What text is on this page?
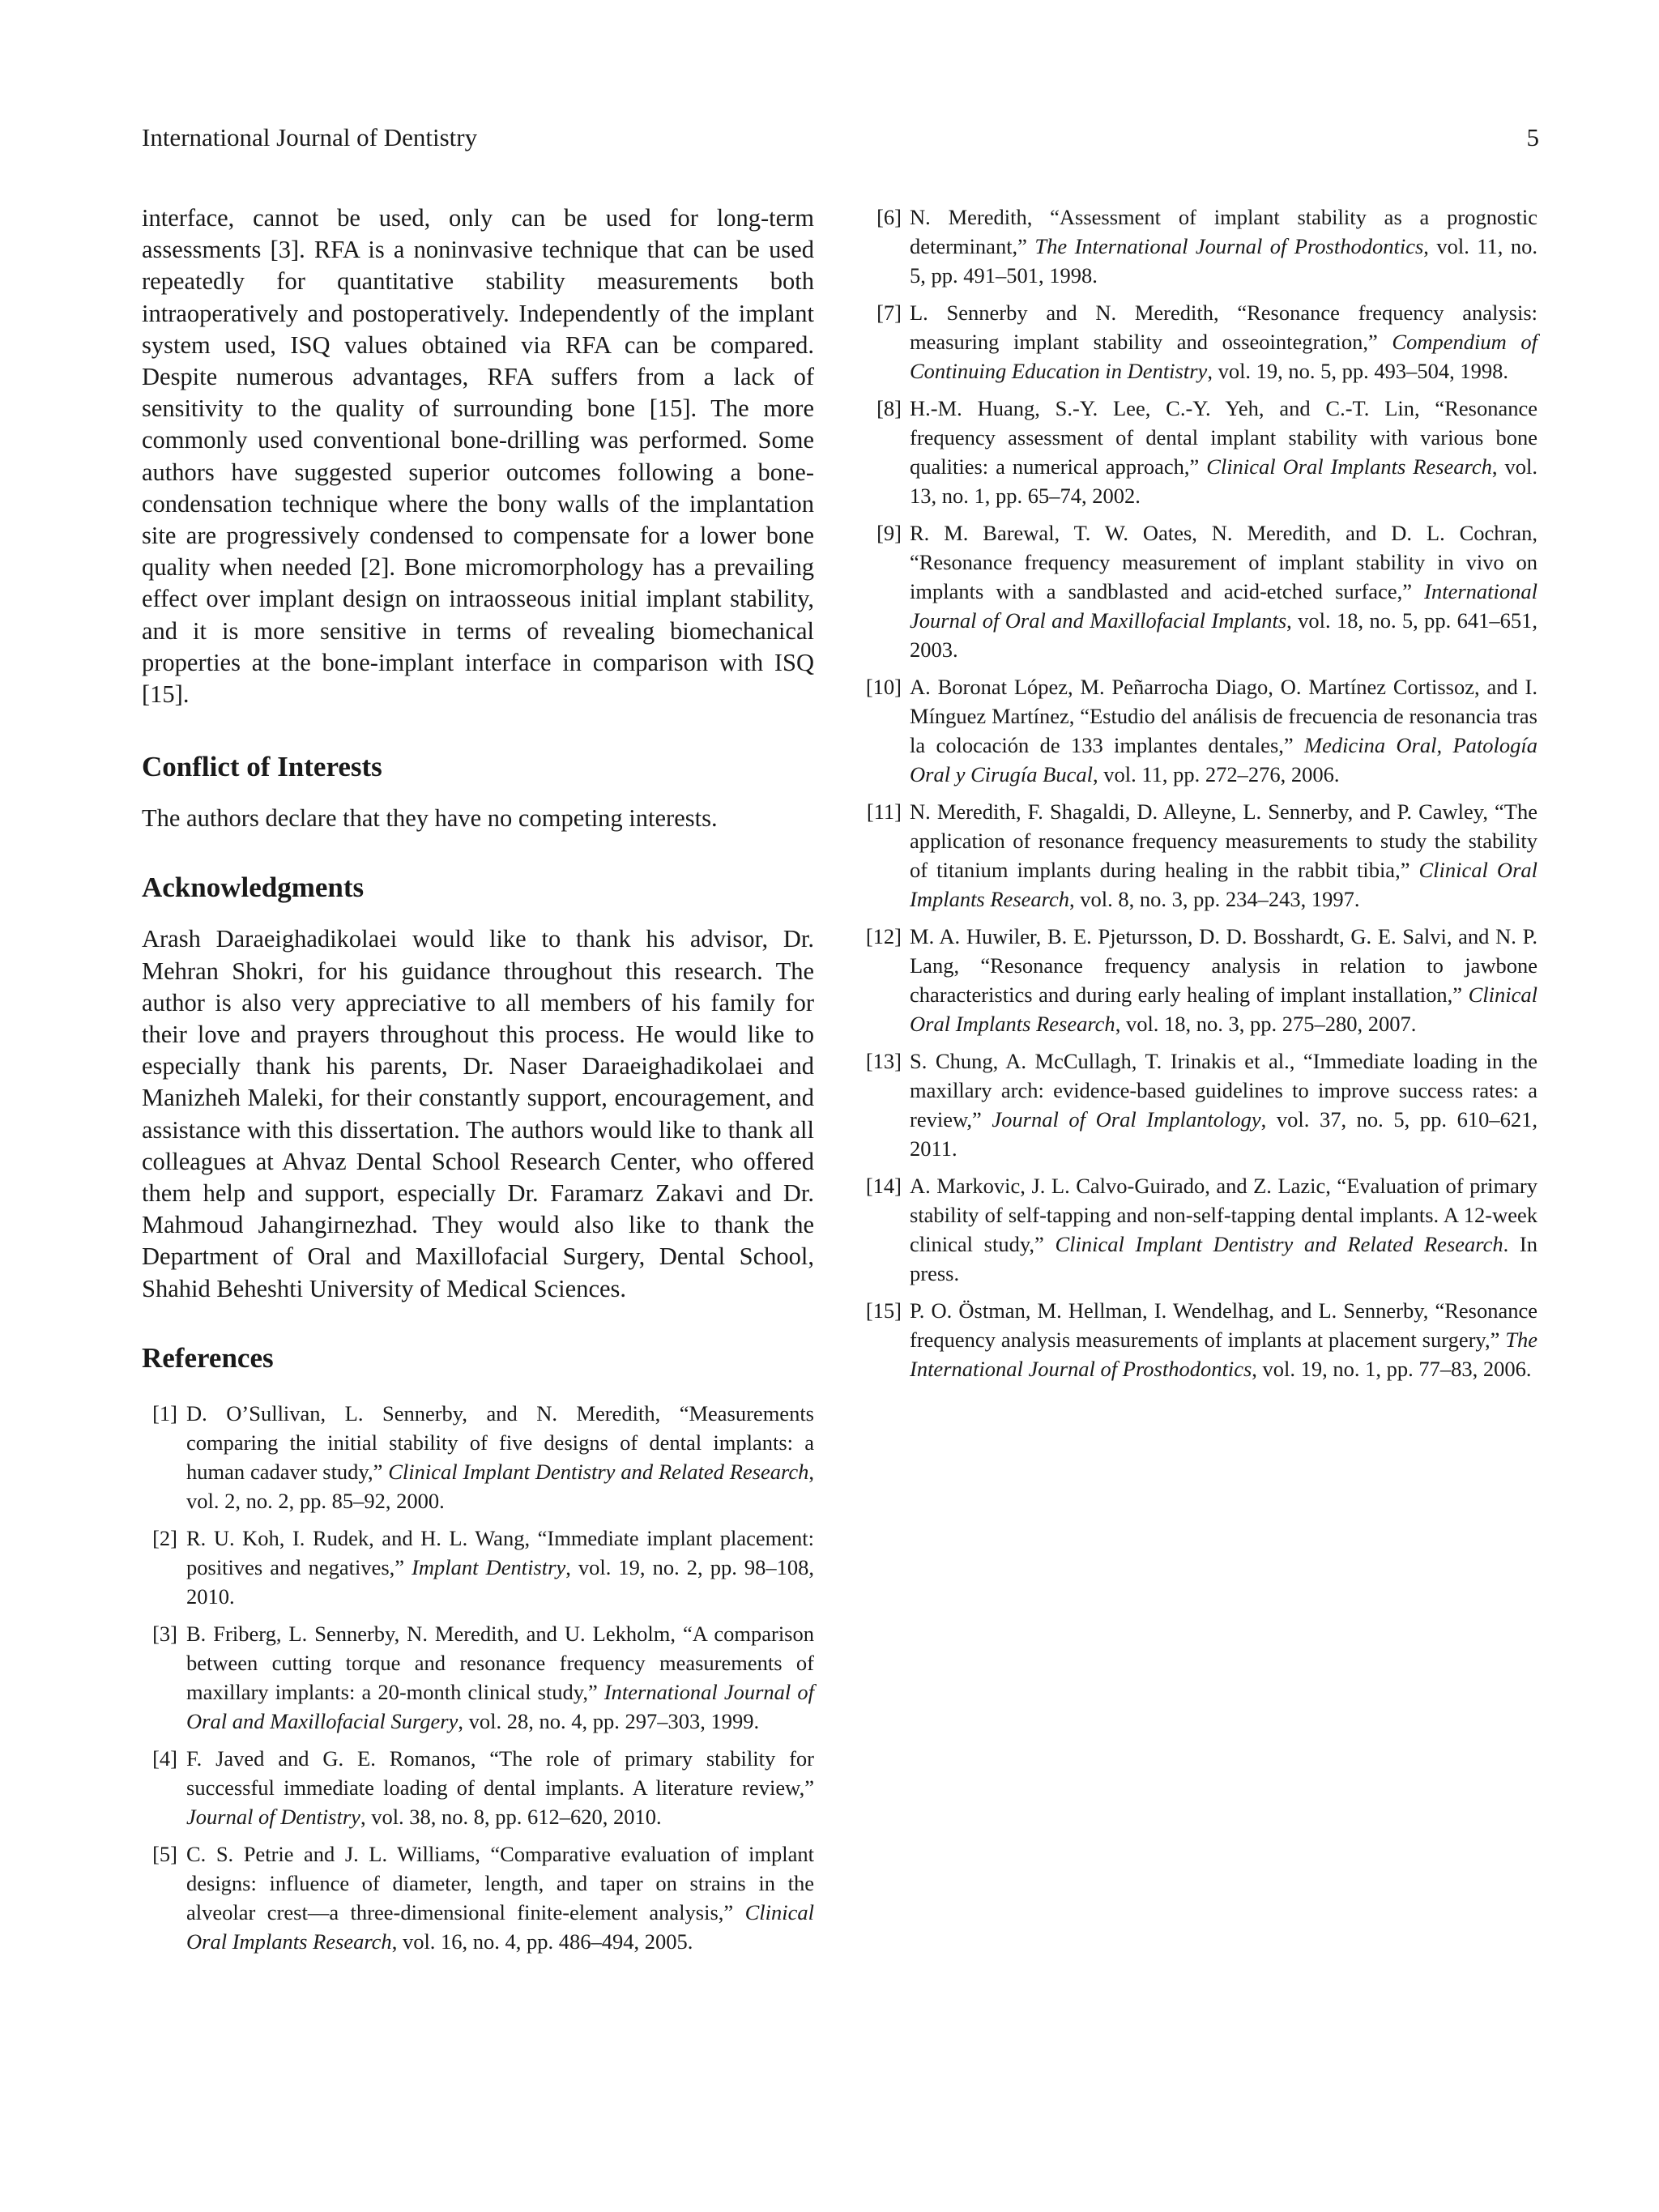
International Journal of Dentistry	5

interface, cannot be used, only can be used for long-term assessments [3]. RFA is a noninvasive technique that can be used repeatedly for quantitative stability measurements both intraoperatively and postoperatively. Independently of the implant system used, ISQ values obtained via RFA can be compared. Despite numerous advantages, RFA suffers from a lack of sensitivity to the quality of surrounding bone [15]. The more commonly used conventional bone-drilling was performed. Some authors have suggested superior outcomes following a bone-condensation technique where the bony walls of the implantation site are progressively condensed to compensate for a lower bone quality when needed [2]. Bone micromorphology has a prevailing effect over implant design on intraosseous initial implant stability, and it is more sensitive in terms of revealing biomechanical properties at the bone-implant interface in comparison with ISQ [15].

Conflict of Interests

The authors declare that they have no competing interests.

Acknowledgments

Arash Daraeighadikolaei would like to thank his advisor, Dr. Mehran Shokri, for his guidance throughout this research. The author is also very appreciative to all members of his family for their love and prayers throughout this process. He would like to especially thank his parents, Dr. Naser Daraeighadikolaei and Manizheh Maleki, for their constantly support, encouragement, and assistance with this dissertation. The authors would like to thank all colleagues at Ahvaz Dental School Research Center, who offered them help and support, especially Dr. Faramarz Zakavi and Dr. Mahmoud Jahangirnezhad. They would also like to thank the Department of Oral and Maxillofacial Surgery, Dental School, Shahid Beheshti University of Medical Sciences.

References
[1] D. O’Sullivan, L. Sennerby, and N. Meredith, “Measurements comparing the initial stability of five designs of dental implants: a human cadaver study,” Clinical Implant Dentistry and Related Research, vol. 2, no. 2, pp. 85–92, 2000.
[2] R. U. Koh, I. Rudek, and H. L. Wang, “Immediate implant placement: positives and negatives,” Implant Dentistry, vol. 19, no. 2, pp. 98–108, 2010.
[3] B. Friberg, L. Sennerby, N. Meredith, and U. Lekholm, “A comparison between cutting torque and resonance frequency measurements of maxillary implants: a 20-month clinical study,” International Journal of Oral and Maxillofacial Surgery, vol. 28, no. 4, pp. 297–303, 1999.
[4] F. Javed and G. E. Romanos, “The role of primary stability for successful immediate loading of dental implants. A literature review,” Journal of Dentistry, vol. 38, no. 8, pp. 612–620, 2010.
[5] C. S. Petrie and J. L. Williams, “Comparative evaluation of implant designs: influence of diameter, length, and taper on strains in the alveolar crest—a three-dimensional finite-element analysis,” Clinical Oral Implants Research, vol. 16, no. 4, pp. 486–494, 2005.
[6] N. Meredith, “Assessment of implant stability as a prognostic determinant,” The International Journal of Prosthodontics, vol. 11, no. 5, pp. 491–501, 1998.
[7] L. Sennerby and N. Meredith, “Resonance frequency analysis: measuring implant stability and osseointegration,” Compendium of Continuing Education in Dentistry, vol. 19, no. 5, pp. 493–504, 1998.
[8] H.-M. Huang, S.-Y. Lee, C.-Y. Yeh, and C.-T. Lin, “Resonance frequency assessment of dental implant stability with various bone qualities: a numerical approach,” Clinical Oral Implants Research, vol. 13, no. 1, pp. 65–74, 2002.
[9] R. M. Barewal, T. W. Oates, N. Meredith, and D. L. Cochran, “Resonance frequency measurement of implant stability in vivo on implants with a sandblasted and acid-etched surface,” International Journal of Oral and Maxillofacial Implants, vol. 18, no. 5, pp. 641–651, 2003.
[10] A. Boronat López, M. Peñarrocha Diago, O. Martínez Cortissoz, and I. Mínguez Martínez, “Estudio del análisis de frecuencia de resonancia tras la colocación de 133 implantes dentales,” Medicina Oral, Patología Oral y Cirugía Bucal, vol. 11, pp. 272–276, 2006.
[11] N. Meredith, F. Shagaldi, D. Alleyne, L. Sennerby, and P. Cawley, “The application of resonance frequency measurements to study the stability of titanium implants during healing in the rabbit tibia,” Clinical Oral Implants Research, vol. 8, no. 3, pp. 234–243, 1997.
[12] M. A. Huwiler, B. E. Pjetursson, D. D. Bosshardt, G. E. Salvi, and N. P. Lang, “Resonance frequency analysis in relation to jawbone characteristics and during early healing of implant installation,” Clinical Oral Implants Research, vol. 18, no. 3, pp. 275–280, 2007.
[13] S. Chung, A. McCullagh, T. Irinakis et al., “Immediate loading in the maxillary arch: evidence-based guidelines to improve success rates: a review,” Journal of Oral Implantology, vol. 37, no. 5, pp. 610–621, 2011.
[14] A. Markovic, J. L. Calvo-Guirado, and Z. Lazic, “Evaluation of primary stability of self-tapping and non-self-tapping dental implants. A 12-week clinical study,” Clinical Implant Dentistry and Related Research. In press.
[15] P. O. Östman, M. Hellman, I. Wendelhag, and L. Sennerby, “Resonance frequency analysis measurements of implants at placement surgery,” The International Journal of Prosthodontics, vol. 19, no. 1, pp. 77–83, 2006.
